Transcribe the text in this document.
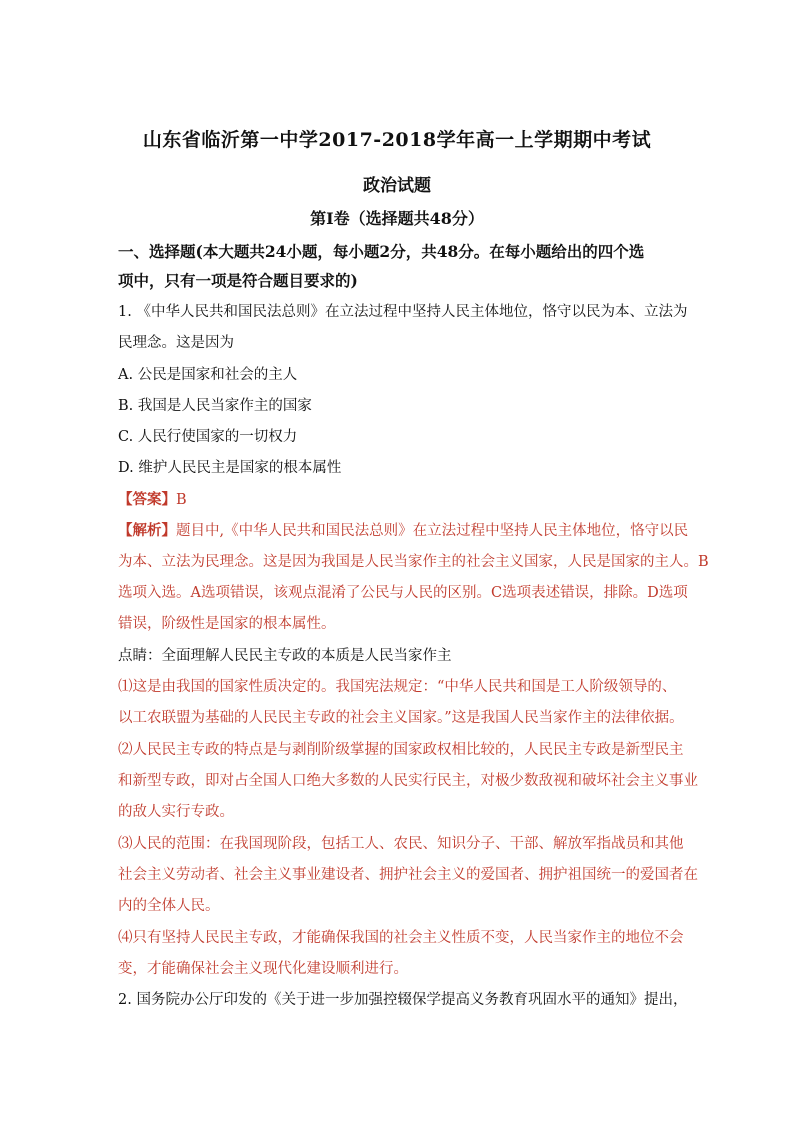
山东省临沂第一中学2017-2018学年高一上学期期中考试
政治试题
第Ⅰ卷（选择题共48分）
一、选择题(本大题共24小题，每小题2分，共48分。在每小题给出的四个选
项中，只有一项是符合题目要求的)
1. 《中华人民共和国民法总则》在立法过程中坚持人民主体地位，恪守以民为本、立法为
民理念。这是因为
A. 公民是国家和社会的主人
B. 我国是人民当家作主的国家
C. 人民行使国家的一切权力
D. 维护人民民主是国家的根本属性
【答案】B
【解析】题目中,《中华人民共和国民法总则》在立法过程中坚持人民主体地位，恪守以民
为本、立法为民理念。这是因为我国是人民当家作主的社会主义国家，人民是国家的主人。B
选项入选。A选项错误，该观点混淆了公民与人民的区别。C选项表述错误，排除。D选项
错误，阶级性是国家的根本属性。
点睛：全面理解人民民主专政的本质是人民当家作主
⑴这是由我国的国家性质决定的。我国宪法规定：“中华人民共和国是工人阶级领导的、
以工农联盟为基础的人民民主专政的社会主义国家。”这是我国人民当家作主的法律依据。
⑵人民民主专政的特点是与剥削阶级掌握的国家政权相比较的，人民民主专政是新型民主
和新型专政，即对占全国人口绝大多数的人民实行民主，对极少数敌视和破坏社会主义事业
的敌人实行专政。
⑶人民的范围：在我国现阶段，包括工人、农民、知识分子、干部、解放军指战员和其他
社会主义劳动者、社会主义事业建设者、拥护社会主义的爱国者、拥护祖国统一的爱国者在
内的全体人民。
⑷只有坚持人民民主专政，才能确保我国的社会主义性质不变，人民当家作主的地位不会
变，才能确保社会主义现代化建设顺利进行。
2. 国务院办公厅印发的《关于进一步加强控辍保学提高义务教育巩固水平的通知》提出，
